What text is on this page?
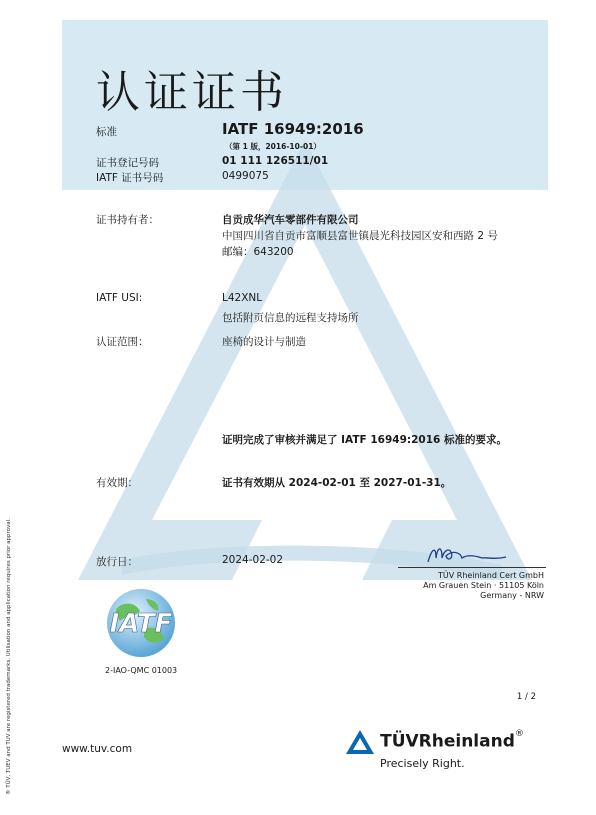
认证证书
标准	IATF 16949:2016
（第 1 版，2016-10-01）
证书登记号码	01 111 126511/01
IATF 证书号码	0499075
证书持有者：	自贡成华汽车零部件有限公司
中国四川省自贡市富顺县富世镇晨光科技园区安和西路 2 号
邮编：643200
IATF USI:	L42XNL
包括附页信息的远程支持场所
认证范围：	座椅的设计与制造
证明完成了审核并满足了 IATF 16949:2016 标准的要求。
有效期：	证书有效期从 2024-02-01 至 2027-01-31。
放行日：	2024-02-02
TÜV Rheinland Cert GmbH
Am Grauen Stein · 51105 Köln
Germany - NRW
IATF
2-IAO-QMC 01003
1 / 2
www.tuv.com	TÜVRheinland®
Precisely Right.
® TÜV, TUEV and TUV are registered trademarks. Utilisation and application requires prior approval.
